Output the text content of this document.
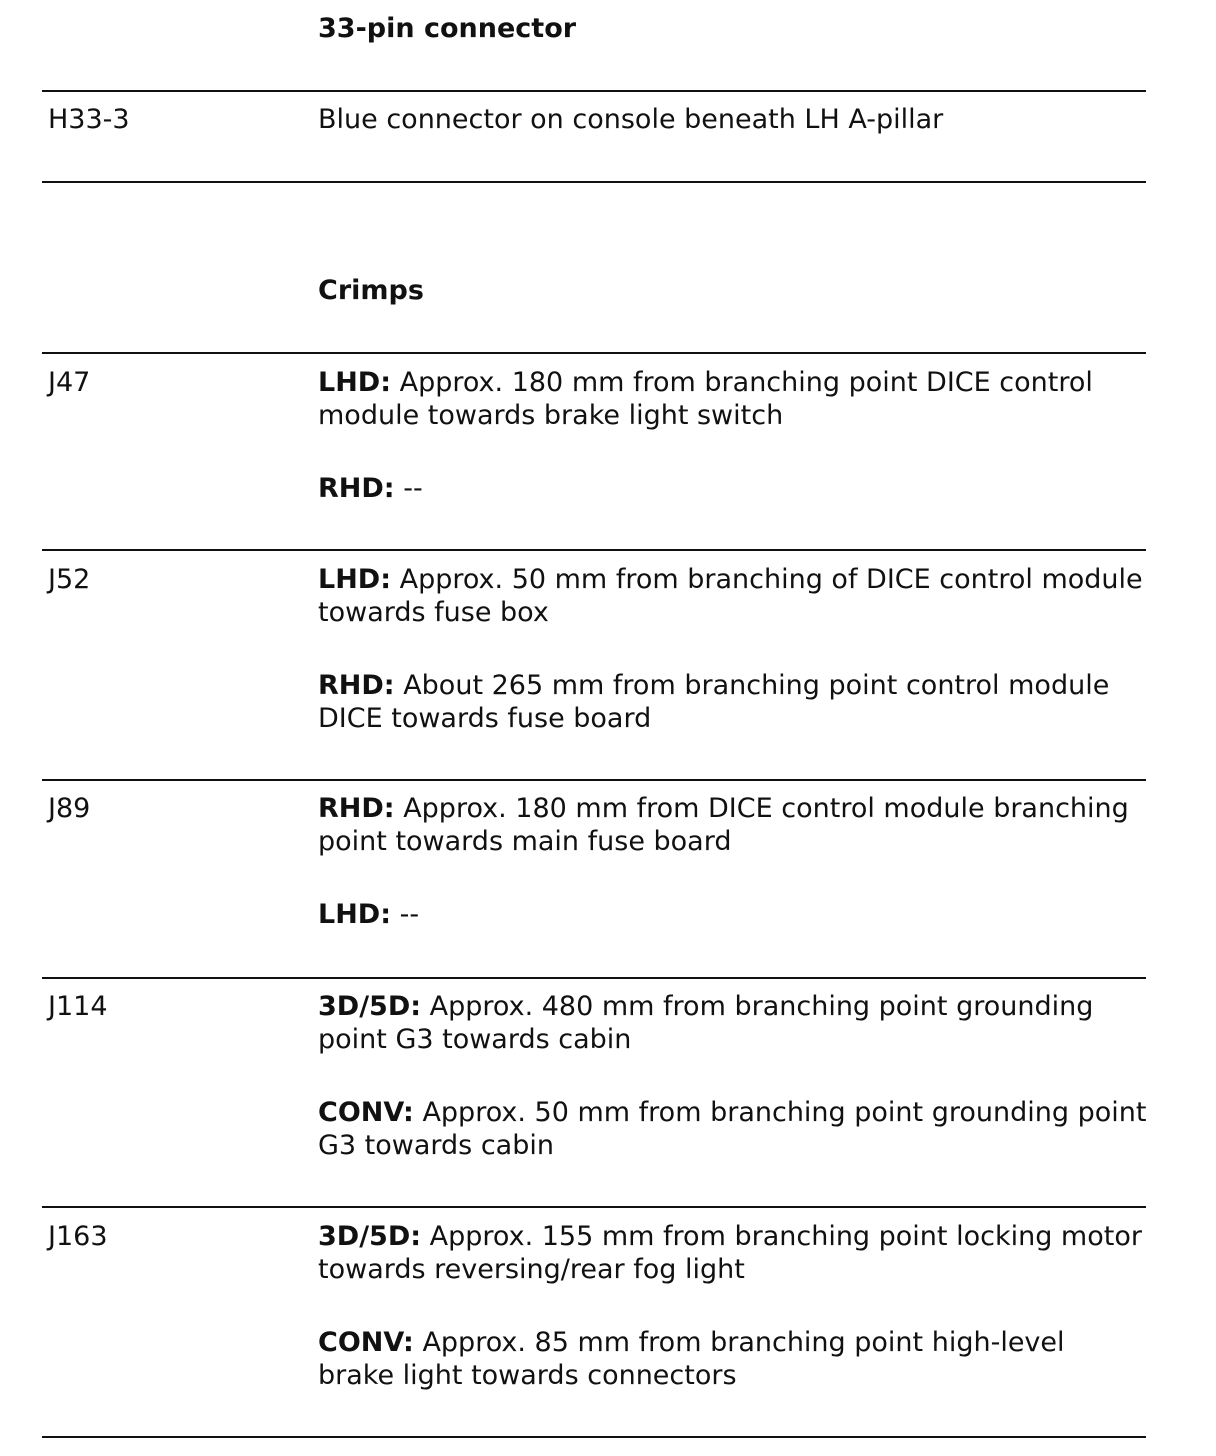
33-pin connector
H33-3	Blue connector on console beneath LH A-pillar
Crimps
J47	LHD: Approx. 180 mm from branching point DICE control module towards brake light switch

RHD: --

J52	LHD: Approx. 50 mm from branching of DICE control module towards fuse box

RHD: About 265 mm from branching point control module DICE towards fuse board

J89	RHD: Approx. 180 mm from DICE control module branching point towards main fuse board

LHD: --

J114	3D/5D: Approx. 480 mm from branching point grounding point G3 towards cabin

CONV: Approx. 50 mm from branching point grounding point G3 towards cabin

J163	3D/5D: Approx. 155 mm from branching point locking motor towards reversing/rear fog light

CONV: Approx. 85 mm from branching point high-level brake light towards connectors
